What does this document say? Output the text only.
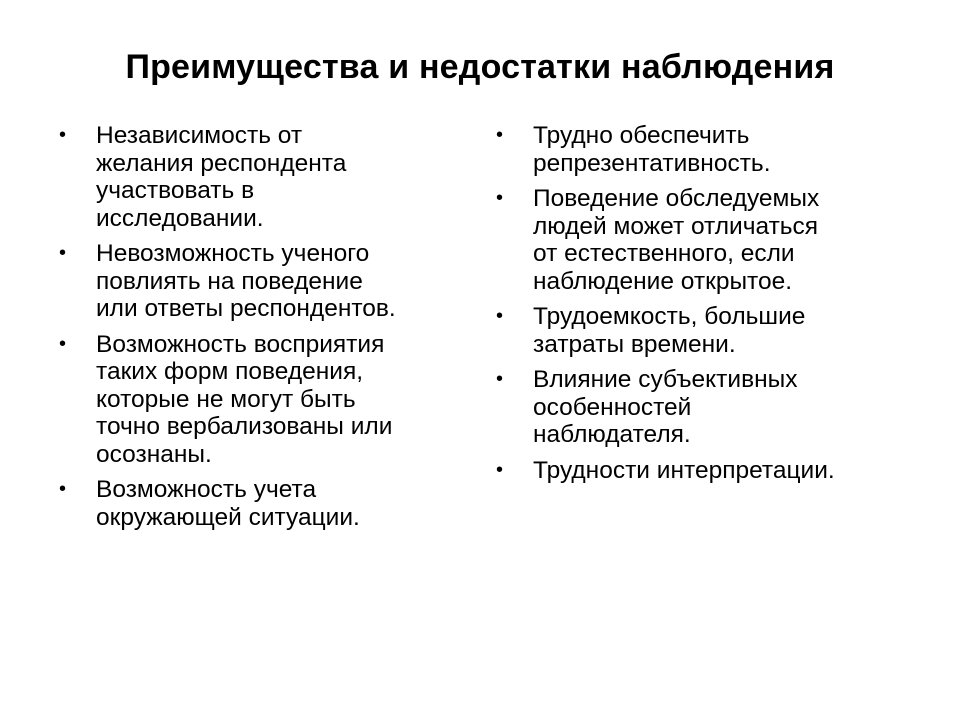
Преимущества и недостатки наблюдения
• Независимость от
желания респондента
участвовать в
исследовании.
• Невозможность ученого
повлиять на поведение
или ответы респондентов.
• Возможность восприятия
таких форм поведения,
которые не могут быть
точно вербализованы или
осознаны.
• Возможность учета
окружающей ситуации.
• Трудно обеспечить
репрезентативность.
• Поведение обследуемых
людей может отличаться
от естественного, если
наблюдение открытое.
• Трудоемкость, большие
затраты времени.
• Влияние субъективных
особенностей
наблюдателя.
• Трудности интерпретации.
